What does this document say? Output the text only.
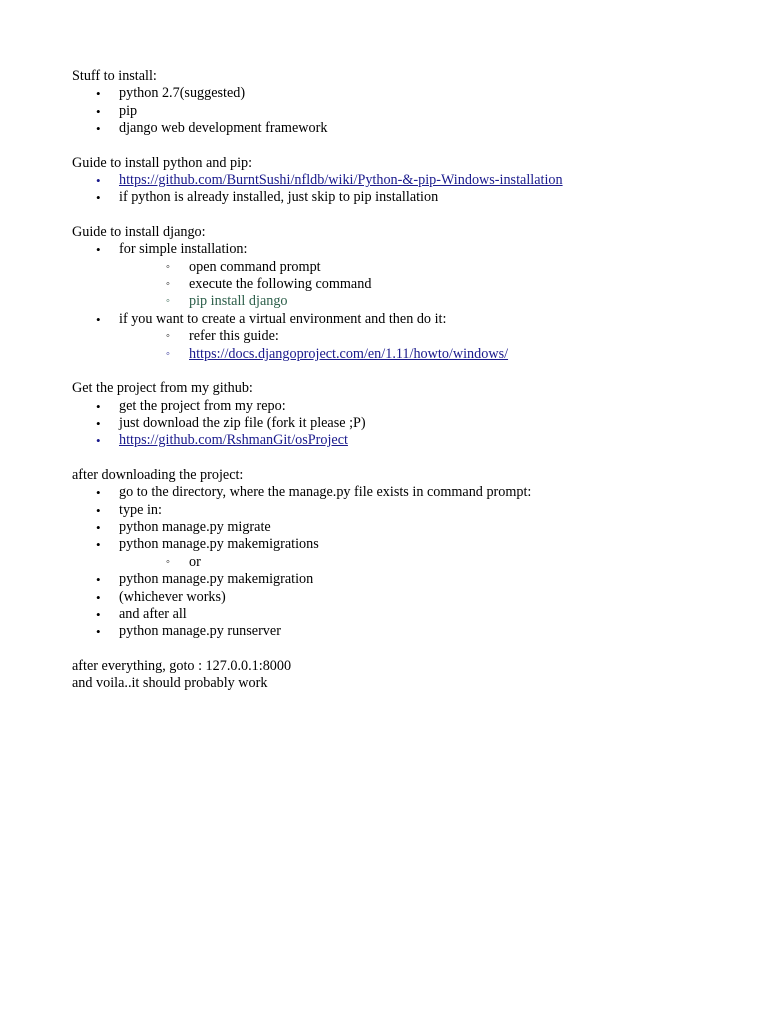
Stuff to install:

• python 2.7(suggested)
• pip
• django web development framework

Guide to install python and pip:

• https://github.com/BurntSushi/nfldb/wiki/Python-&-pip-Windows-installation
• if python is already installed, just skip to pip installation

Guide to install django:

• for simple installation:
◦ open command prompt
◦ execute the following command
◦ pip install django
• if you want to create a virtual environment and then do it:
◦ refer this guide:
◦ https://docs.djangoproject.com/en/1.11/howto/windows/

Get the project from my github:

• get the project from my repo:
• just download the zip file (fork it please ;P)
• https://github.com/RshmanGit/osProject

after downloading the project:

• go to the directory, where the manage.py file exists in command prompt:
• type in:
• python manage.py migrate
• python manage.py makemigrations
◦ or
• python manage.py makemigration
• (whichever works)
• and after all
• python manage.py runserver

after everything, goto : 127.0.0.1:8000

and voila..it should probably work
